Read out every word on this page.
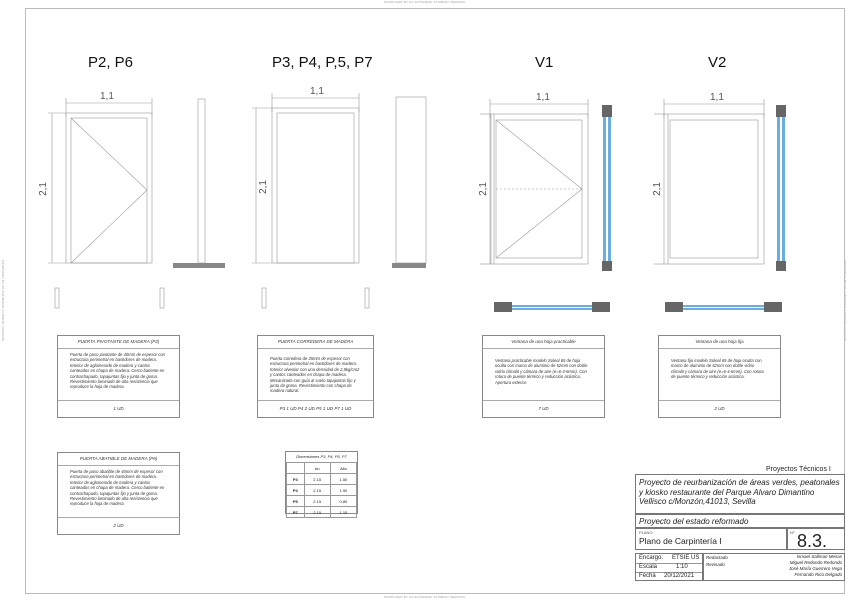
PRODUCED BY AN AUTODESK STUDENT VERSION
PRODUCED BY AN AUTODESK STUDENT VERSION
PRODUCED BY AN AUTODESK STUDENT VERSION	PRODUCED BY AN AUTODESK STUDENT VERSION
P2, P6	P3, P4, P,5, P7	V1	V2
1,1
2,1
1,1
2,1
1,1
2,1
1,1
2,1
PUERTA PIVOTANTE DE MADERA (P2)
Puerta de paso pivotante de 40mm de espesor con estructura perimetral en bastidores de madera. Interior de aglomerado de madera y cantos canteados en chapa de madera. Cerco batiente en contrachapado, tapajuntas fijo y junta de goma. Revestimiento laminado de alta resistencia que reproduce la hoja de madera.
1 UD
PUERTA CORREDERA DE MADERA
Puerta corredera de 35mm de espesor con estructura perimetral en bastidores de madera. Interior alveolar con una densidad de 2,8kg/cm2 y cantos canteados en chapa de madera. Mecanizada con guía al suelo tapajuntas fijo y junta de goma. Revestimiento con chapa de madera natural.
P3 1 UD P4 2 UD P5 1 UD P7 1 UD
Ventana de una hoja practicable
Ventana practicable modelo Soleal 65 de hoja oculta con marco de aluminio de 52mm con doble vidrio climalit y cámara de aire (e=6-4-6mm). Con rotura de puente térmico y reducción acústica. Apertura exterior.
7 UD
Ventana de una hoja fija
Ventana fija modelo Soleal 65 de hoja oculta con marco de aluminio de 52mm con doble vidrio climalit y cámara de aire (e=6-4-6mm). Con rotura de puente térmico y reducción acústica.
2 UD
PUERTA ABATIBLE DE MADERA (P6)
Puerta de paso abatible de 40mm de espesor con estructura perimetral en bastidores de madera. Interior de aglomerado de madera y cantos canteados en chapa de madera. Cerco batiente en contrachapado, tapajuntas fijo y junta de goma. Revestimiento laminado de alta resistencia que reproduce la hoja de madera.
2 UD
Dimensiones P3, P4, P5, P7
	An	Alto
P3	2.15	1.50
P4	2.15	1.90
P5	2.15	0.80
P7	2.15	1.15
Proyectos Técnicos I
Proyecto de reurbanización de áreas verdes, peatonales y kiosko restaurante del Parque Alvaro Dimantino Vellisco c/Monzón,41013, Sevilla
Proyecto del estado reformado
PLANO
Plano de Carpintería I
Nº 8.3.
Encargo: ETSIE US
Escala	1:10
Fecha 20/12/2021
Redactado
Revisado
Ismael Sallman Mesas
Miguel Redondo Redondo
José María Guerrero Vega
Fernando Rico Delgado
